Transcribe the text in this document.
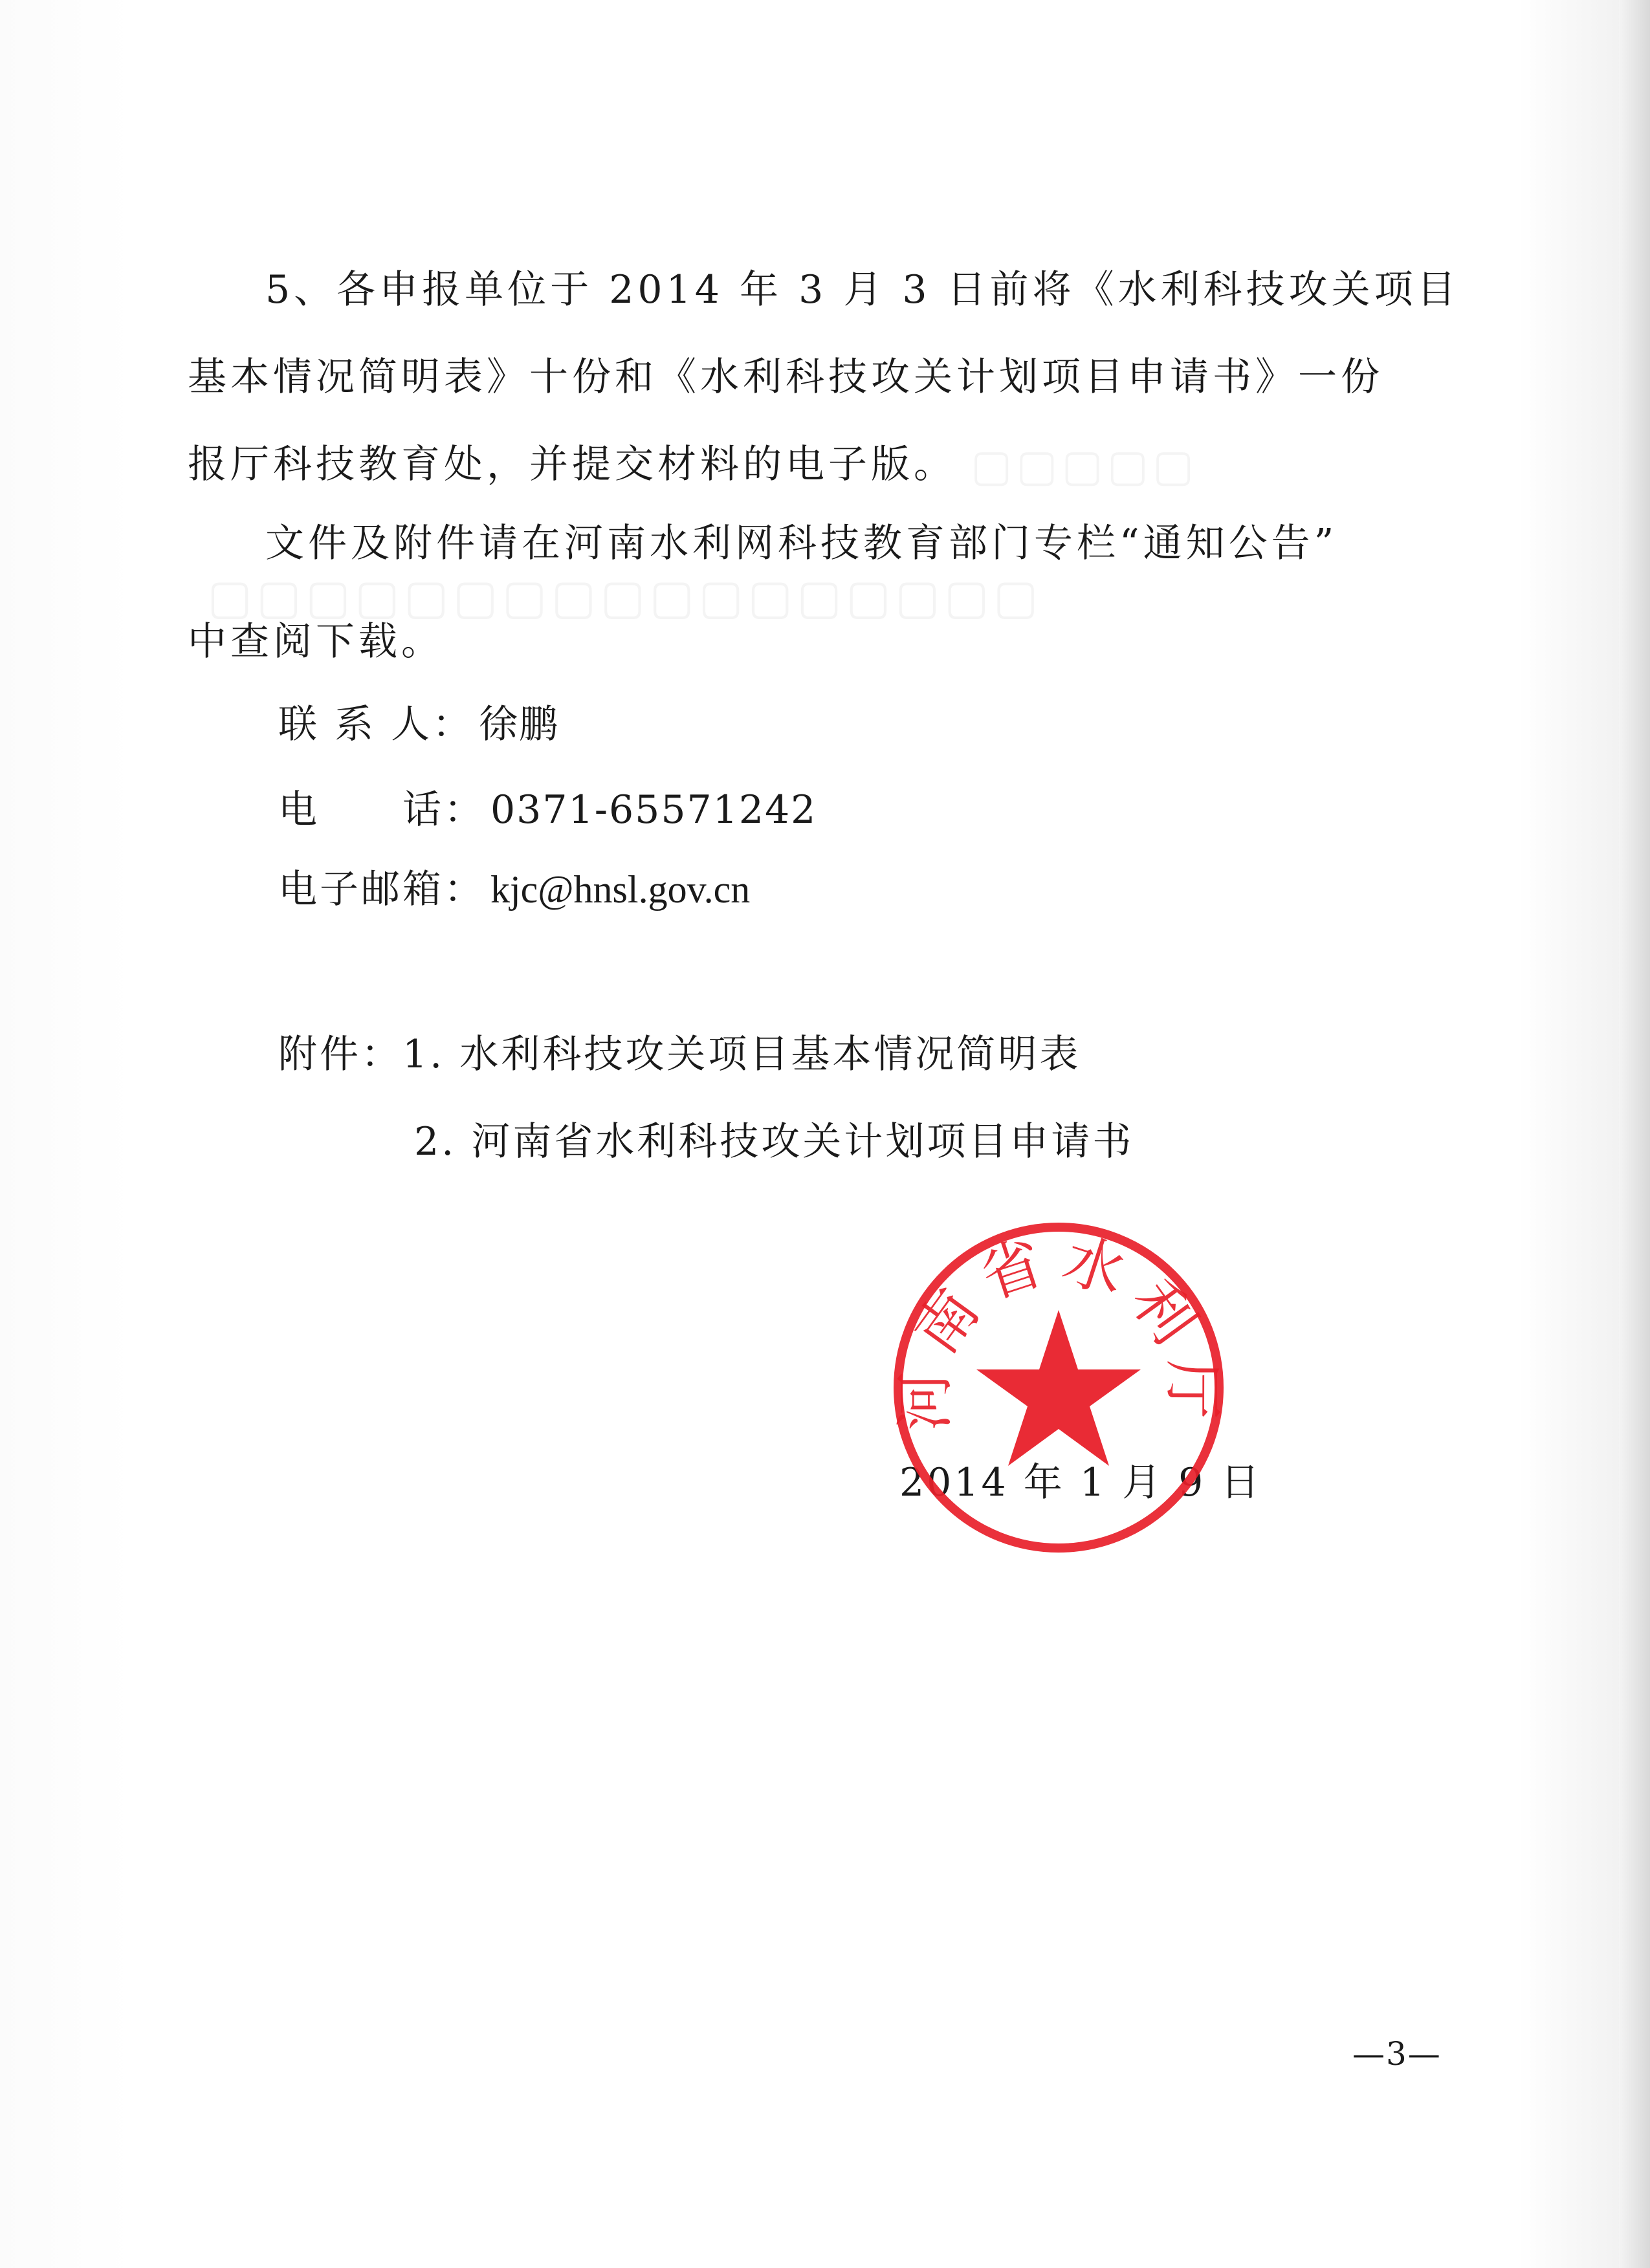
▢▢▢▢▢
▢▢▢▢▢▢▢▢▢▢▢▢▢▢▢▢▢
5、各申报单位于 2014 年 3 月 3 日前将《水利科技攻关项目
基本情况简明表》十份和《水利科技攻关计划项目申请书》一份
报厅科技教育处，并提交材料的电子版。
文件及附件请在河南水利网科技教育部门专栏“通知公告”
中查阅下载。
联 系 人： 徐鹏
电　　话： 0371-65571242
电子邮箱： kjc@hnsl.gov.cn
附件：1. 水利科技攻关项目基本情况简明表
2. 河南省水利科技攻关计划项目申请书
2014 年 1 月 9 日
河南省水利厅
—3—
